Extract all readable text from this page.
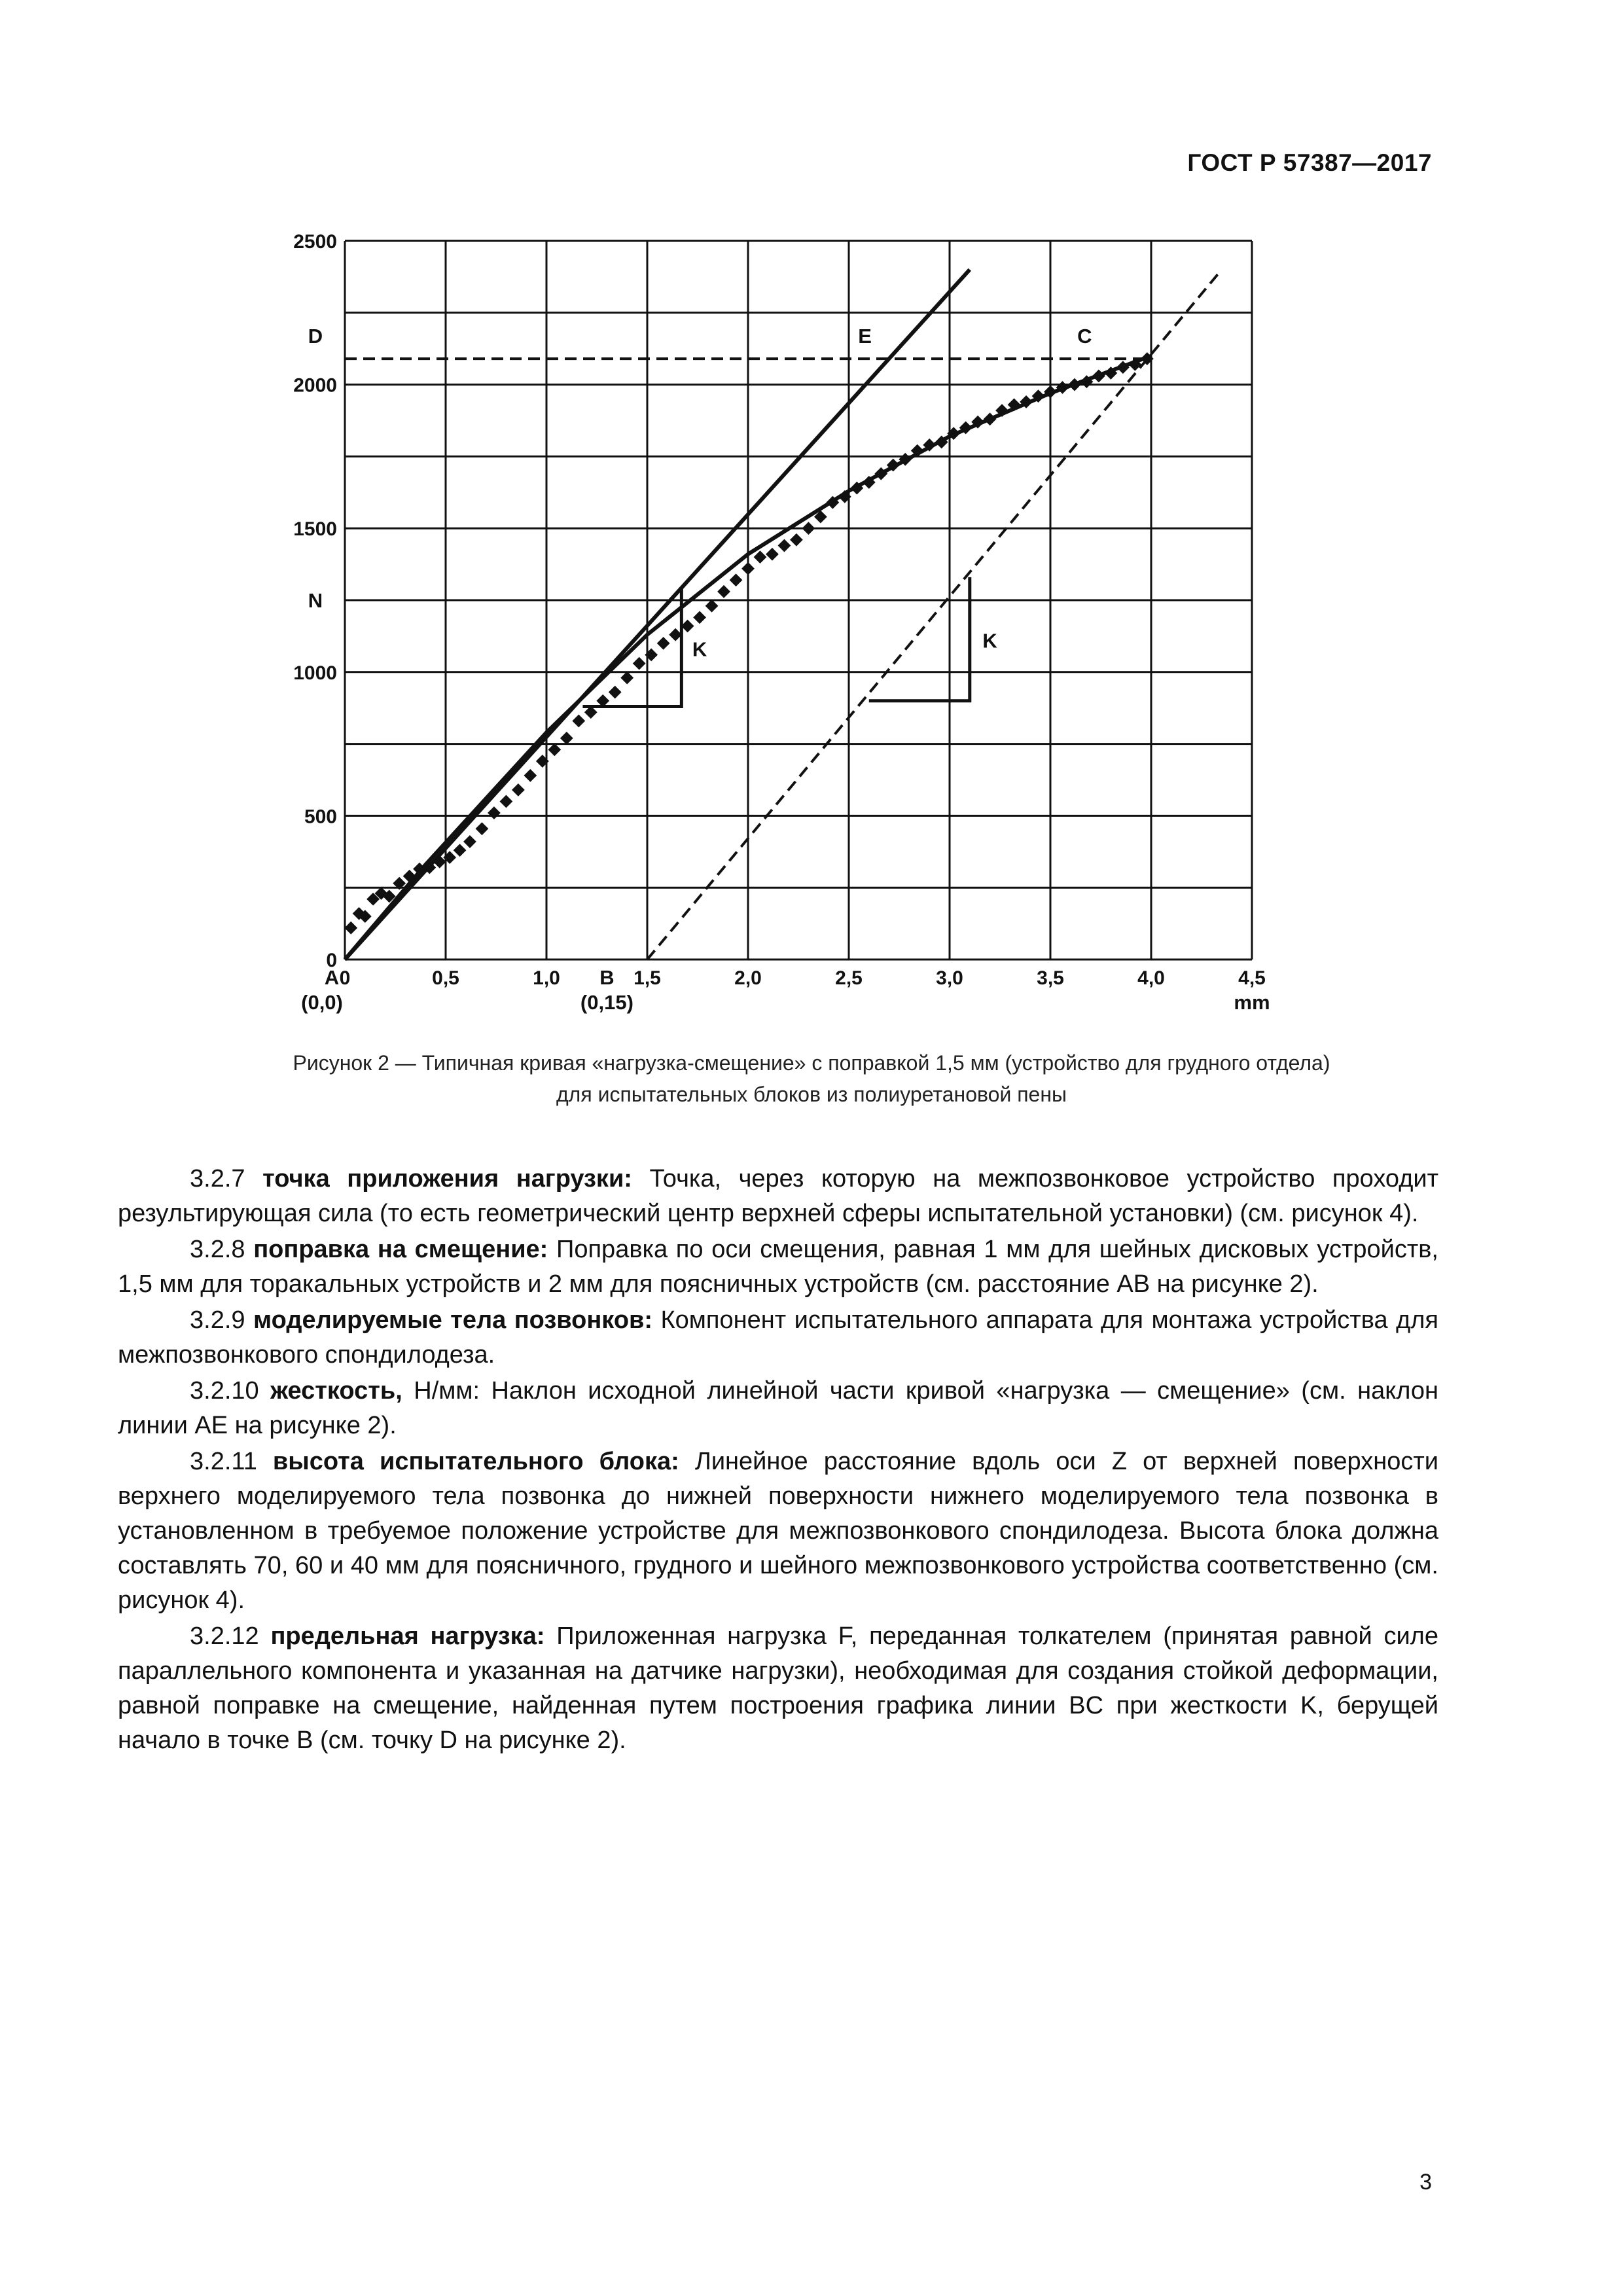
ГОСТ Р 57387—2017
0	0,5	1,0	1,5	2,0	2,5	3,0	3,5	4,0	4,5
0
500
1000
1500
2000
2500
A
(0,0)
B
(0,15)
D	E	C
K	K
N
mm
Рисунок 2 — Типичная кривая «нагрузка-смещение» с поправкой 1,5 мм (устройство для грудного отдела)
для испытательных блоков из полиуретановой пены

3.2.7 точка приложения нагрузки: Точка, через которую на межпозвонковое устройство проходит результирующая сила (то есть геометрический центр верхней сферы испытательной установки) (см. рисунок 4).

3.2.8 поправка на смещение: Поправка по оси смещения, равная 1 мм для шейных дисковых устройств, 1,5 мм для торакальных устройств и 2 мм для поясничных устройств (см. расстояние AB на рисунке 2).

3.2.9 моделируемые тела позвонков: Компонент испытательного аппарата для монтажа устройства для межпозвонкового спондилодеза.

3.2.10 жесткость, Н/мм: Наклон исходной линейной части кривой «нагрузка — смещение» (см. наклон линии AE на рисунке 2).

3.2.11 высота испытательного блока: Линейное расстояние вдоль оси Z от верхней поверхности верхнего моделируемого тела позвонка до нижней поверхности нижнего моделируемого тела позвонка в установленном в требуемое положение устройстве для межпозвонкового спондилодеза. Высота блока должна составлять 70, 60 и 40 мм для поясничного, грудного и шейного межпозвонкового устройства соответственно (см. рисунок 4).

3.2.12 предельная нагрузка: Приложенная нагрузка F, переданная толкателем (принятая равной силе параллельного компонента и указанная на датчике нагрузки), необходимая для создания стойкой деформации, равной поправке на смещение, найденная путем построения графика линии BC при жесткости K, берущей начало в точке B (см. точку D на рисунке 2).

3
